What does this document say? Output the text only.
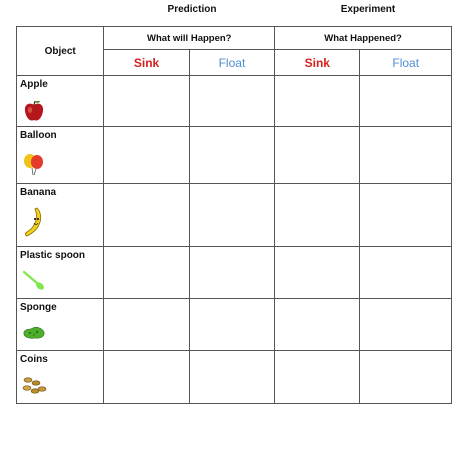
Prediction	Experiment
Object	What will Happen?		What Happened?	
	Sink	Float	Sink	Float

Apple				

Balloon				

Banana				

Plastic spoon				

Sponge				

Coins				
